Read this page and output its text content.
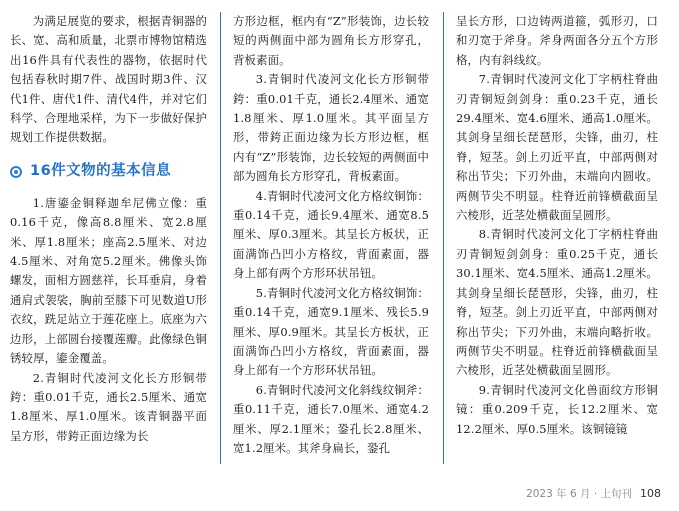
为满足展览的要求，根据青铜器的长、宽、高和质量，北票市博物馆精选出16件具有代表性的器物，依据时代包括春秋时期7件、战国时期3件、汉代1件、唐代1件、清代4件，并对它们科学、合理地采样，为下一步做好保护规划工作提供数据。

16件文物的基本信息

1.唐鎏金铜释迦牟尼佛立像：重0.16千克，像高8.8厘米、宽2.8厘米、厚1.8厘米；座高2.5厘米、对边4.5厘米、对角宽5.2厘米。佛像头饰螺发，面相方圆慈祥，长耳垂肩，身着通肩式袈裟，胸前至膝下可见数道U形衣纹，跣足站立于莲花座上。底座为六边形，上部圆台接覆莲瓣。此像绿色铜锈较厚，鎏金覆盖。

2.青铜时代凌河文化长方形铜带銙：重0.01千克，通长2.5厘米、通宽1.8厘米、厚1.0厘米。该青铜器平面呈方形，带銙正面边缘为长

方形边框，框内有“Z”形装饰，边长较短的两侧面中部为圆角长方形穿孔，背板素面。

3.青铜时代凌河文化长方形铜带銙：重0.01千克，通长2.4厘米、通宽1.8厘米、厚1.0厘米。其平面呈方形，带銙正面边缘为长方形边框，框内有“Z”形装饰，边长较短的两侧面中部为圆角长方形穿孔，背板素面。

4.青铜时代凌河文化方格纹铜饰：重0.14千克，通长9.4厘米、通宽8.5厘米、厚0.3厘米。其呈长方板状，正面满饰凸凹小方格纹，背面素面，器身上部有两个方形环状吊钮。

5.青铜时代凌河文化方格纹铜饰：重0.14千克，通宽9.1厘米、残长5.9厘米、厚0.9厘米。其呈长方板状，正面满饰凸凹小方格纹，背面素面，器身上部有一个方形环状吊钮。

6.青铜时代凌河文化斜线纹铜斧：重0.11千克，通长7.0厘米、通宽4.2厘米、厚2.1厘米；銎孔长2.8厘米、宽1.2厘米。其斧身扁长，銎孔

呈长方形，口边铸两道箍，弧形刃，口和刃宽于斧身。斧身两面各分五个方形格，内有斜线纹。

7.青铜时代凌河文化丁字柄柱脊曲刃青铜短剑剑身：重0.23千克，通长29.4厘米、宽4.6厘米、通高1.0厘米。其剑身呈细长琵琶形，尖锋，曲刃，柱脊，短茎。剑上刃近平直，中部两侧对称出节尖；下刃外曲，末端向内圆收。两侧节尖不明显。柱脊近前锋横截面呈六棱形，近茎处横截面呈圆形。

8.青铜时代凌河文化丁字柄柱脊曲刃青铜短剑剑身：重0.25千克，通长30.1厘米、宽4.5厘米、通高1.2厘米。其剑身呈细长琵琶形，尖锋，曲刃，柱脊，短茎。剑上刃近平直，中部两侧对称出节尖；下刃外曲，末端向略折收。两侧节尖不明显。柱脊近前锋横截面呈六棱形，近茎处横截面呈圆形。

9.青铜时代凌河文化兽面纹方形铜镜：重0.209千克，长12.2厘米、宽12.2厘米、厚0.5厘米。该铜镜镜

2023 年 6 月 · 上旬刊 108
